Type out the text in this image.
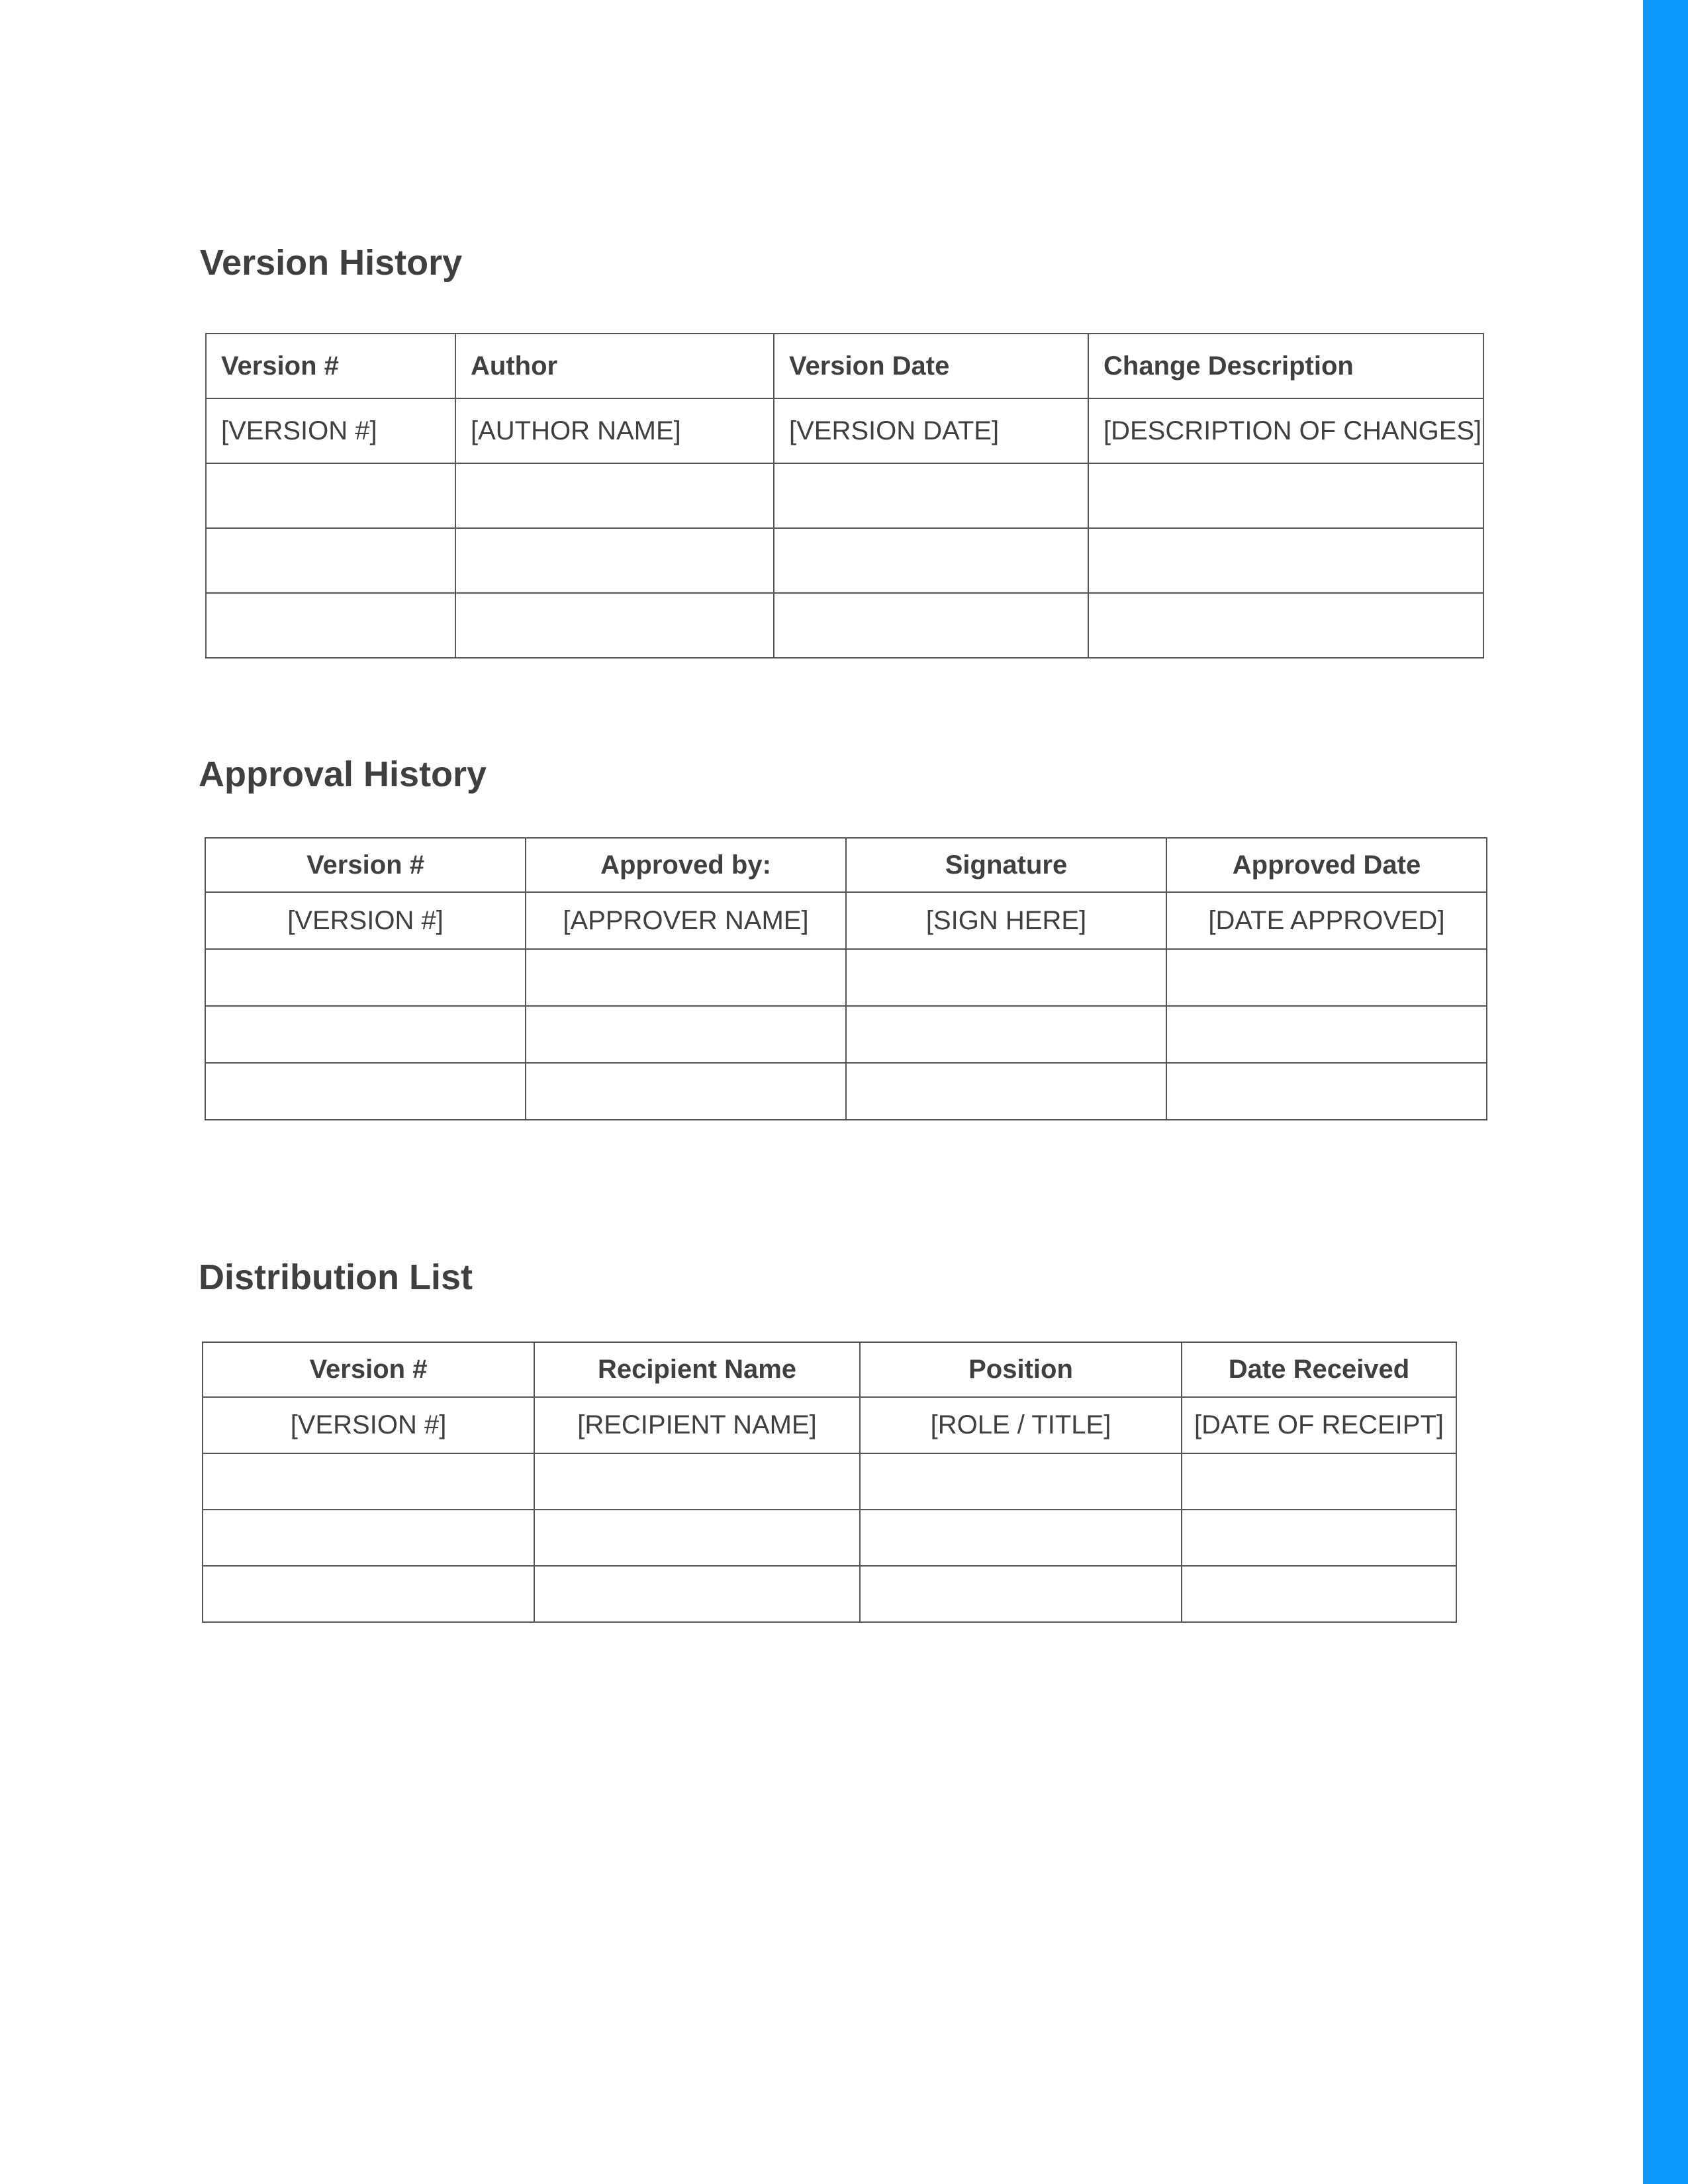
Version History
Version #	Author	Version Date	Change Description
[VERSION #]	[AUTHOR NAME]	[VERSION DATE]	[DESCRIPTION OF CHANGES]

Approval History
Version #	Approved by:	Signature	Approved Date
[VERSION #]	[APPROVER NAME]	[SIGN HERE]	[DATE APPROVED]

Distribution List
Version #	Recipient Name	Position	Date Received
[VERSION #]	[RECIPIENT NAME]	[ROLE / TITLE]	[DATE OF RECEIPT]
